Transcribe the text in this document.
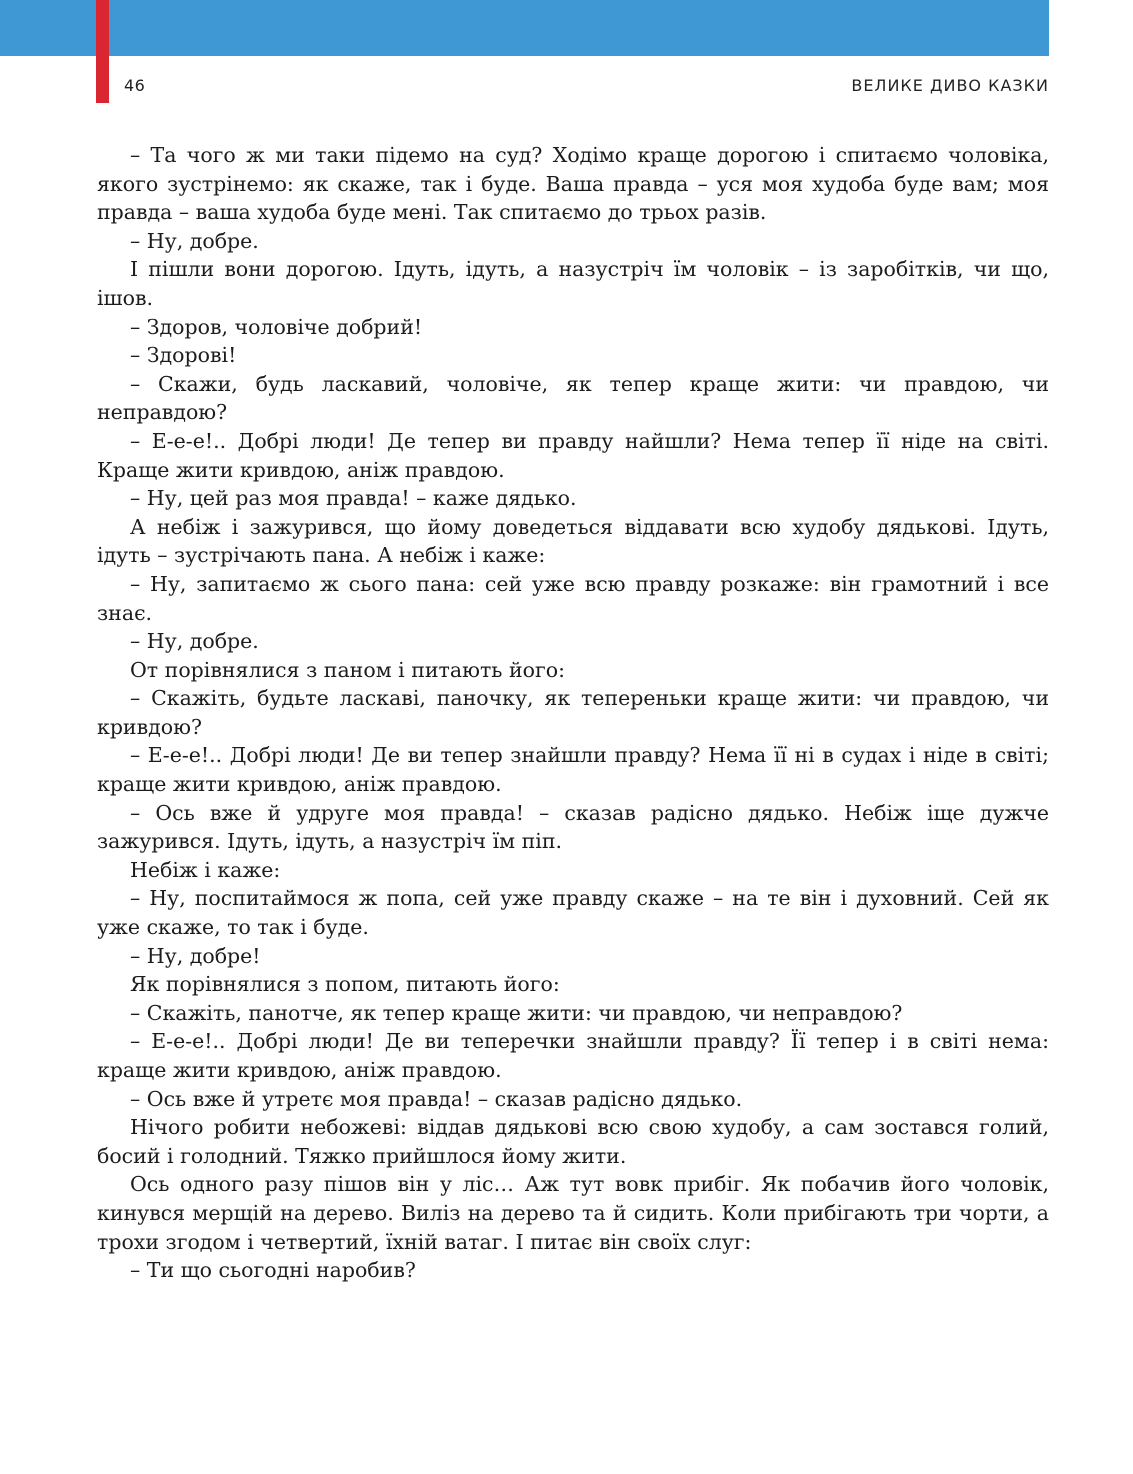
46	ВЕЛИКЕ ДИВО КАЗКИ

– Та чого ж ми таки підемо на суд? Ходімо краще дорогою і спитаємо чоловіка, якого зустрінемо: як скаже, так і буде. Ваша правда – уся моя худоба буде вам; моя правда – ваша худоба буде мені. Так спитаємо до трьох разів.

– Ну, добре.

І пішли вони дорогою. Ідуть, ідуть, а назустріч їм чоловік – із заробітків, чи що, ішов.

– Здоров, чоловіче добрий!

– Здорові!

– Скажи, будь ласкавий, чоловіче, як тепер краще жити: чи правдою, чи неправдою?

– Е-е-е!.. Добрі люди! Де тепер ви правду найшли? Нема тепер її ніде на світі. Краще жити кривдою, аніж правдою.

– Ну, цей раз моя правда! – каже дядько.

А небіж і зажурився, що йому доведеться віддавати всю худобу дядькові. Ідуть, ідуть – зустрічають пана. А небіж і каже:

– Ну, запитаємо ж сього пана: сей уже всю правду розкаже: він грамотний і все знає.

– Ну, добре.

От порівнялися з паном і питають його:

– Скажіть, будьте ласкаві, паночку, як тепереньки краще жити: чи правдою, чи кривдою?

– Е-е-е!.. Добрі люди! Де ви тепер знайшли правду? Нема її ні в судах і ніде в світі; краще жити кривдою, аніж правдою.

– Ось вже й удруге моя правда! – сказав радісно дядько. Небіж іще дужче зажурився. Ідуть, ідуть, а назустріч їм піп.

Небіж і каже:

– Ну, поспитаймося ж попа, сей уже правду скаже – на те він і духовний. Сей як уже скаже, то так і буде.

– Ну, добре!

Як порівнялися з попом, питають його:

– Скажіть, панотче, як тепер краще жити: чи правдою, чи неправдою?

– Е-е-е!.. Добрі люди! Де ви теперечки знайшли правду? Її тепер і в світі нема: краще жити кривдою, аніж правдою.

– Ось вже й утретє моя правда! – сказав радісно дядько.

Нічого робити небожеві: віддав дядькові всю свою худобу, а сам зостався голий, босий і голодний. Тяжко прийшлося йому жити.

Ось одного разу пішов він у ліс… Аж тут вовк прибіг. Як побачив його чоловік, кинувся мерщій на дерево. Виліз на дерево та й сидить. Коли прибігають три чорти, а трохи згодом і четвертий, їхній ватаг. І питає він своїх слуг:

– Ти що сьогодні наробив?
